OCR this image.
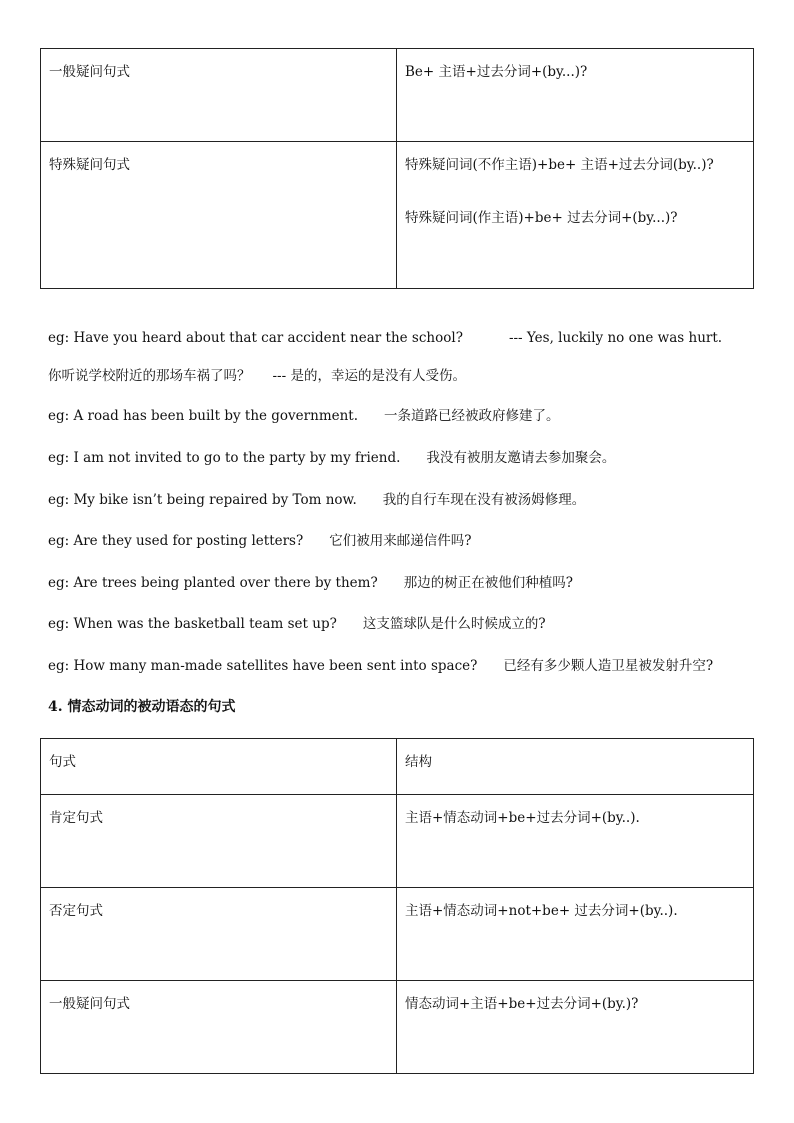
一般疑问句式	Be+ 主语+过去分词+(by...)?

特殊疑问句式	特殊疑问词(不作主语)+be+ 主语+过去分词(by..)?
特殊疑问词(作主语)+be+ 过去分词+(by...)?
eg: Have you heard about that car accident near the school?	--- Yes, luckily no one was hurt.
你听说学校附近的那场车祸了吗？ --- 是的，幸运的是没有人受伤。
eg: A road has been built by the government. 一条道路已经被政府修建了。
eg: I am not invited to go to the party by my friend. 我没有被朋友邀请去参加聚会。
eg: My bike isn’t being repaired by Tom now. 我的自行车现在没有被汤姆修理。
eg: Are they used for posting letters? 它们被用来邮递信件吗?
eg: Are trees being planted over there by them? 那边的树正在被他们种植吗?
eg: When was the basketball team set up? 这支篮球队是什么时候成立的?
eg: How many man-made satellites have been sent into space? 已经有多少颗人造卫星被发射升空?
4. 情态动词的被动语态的句式
句式	结构

肯定句式	主语+情态动词+be+过去分词+(by..).

否定句式	主语+情态动词+not+be+ 过去分词+(by..).

一般疑问句式	情态动词+主语+be+过去分词+(by.)?
